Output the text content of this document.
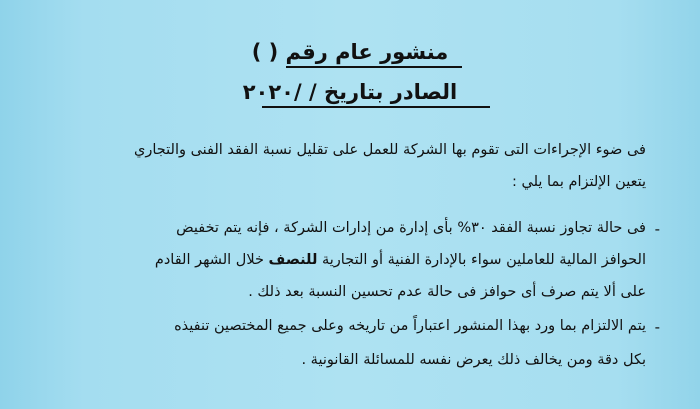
منشور عام رقم ( )

الصادر بتاريخ / /٢٠٢٠

فى ضوء الإجراءات التى تقوم بها الشركة للعمل على تقليل نسبة الفقد الفنى والتجاري

يتعين الإلتزام بما يلي :

-

فى حالة تجاوز نسبة الفقد ٣٠% بأى إدارة من إدارات الشركة ، فإنه يتم تخفيض

الحوافز المالية للعاملين سواء بالإدارة الفنية أو التجارية للنصف خلال الشهر القادم

على ألا يتم صرف أى حوافز فى حالة عدم تحسين النسبة بعد ذلك .

-

يتم الالتزام بما ورد بهذا المنشور اعتباراً من تاريخه وعلى جميع المختصين تنفيذه

بكل دقة ومن يخالف ذلك يعرض نفسه للمسائلة القانونية .
